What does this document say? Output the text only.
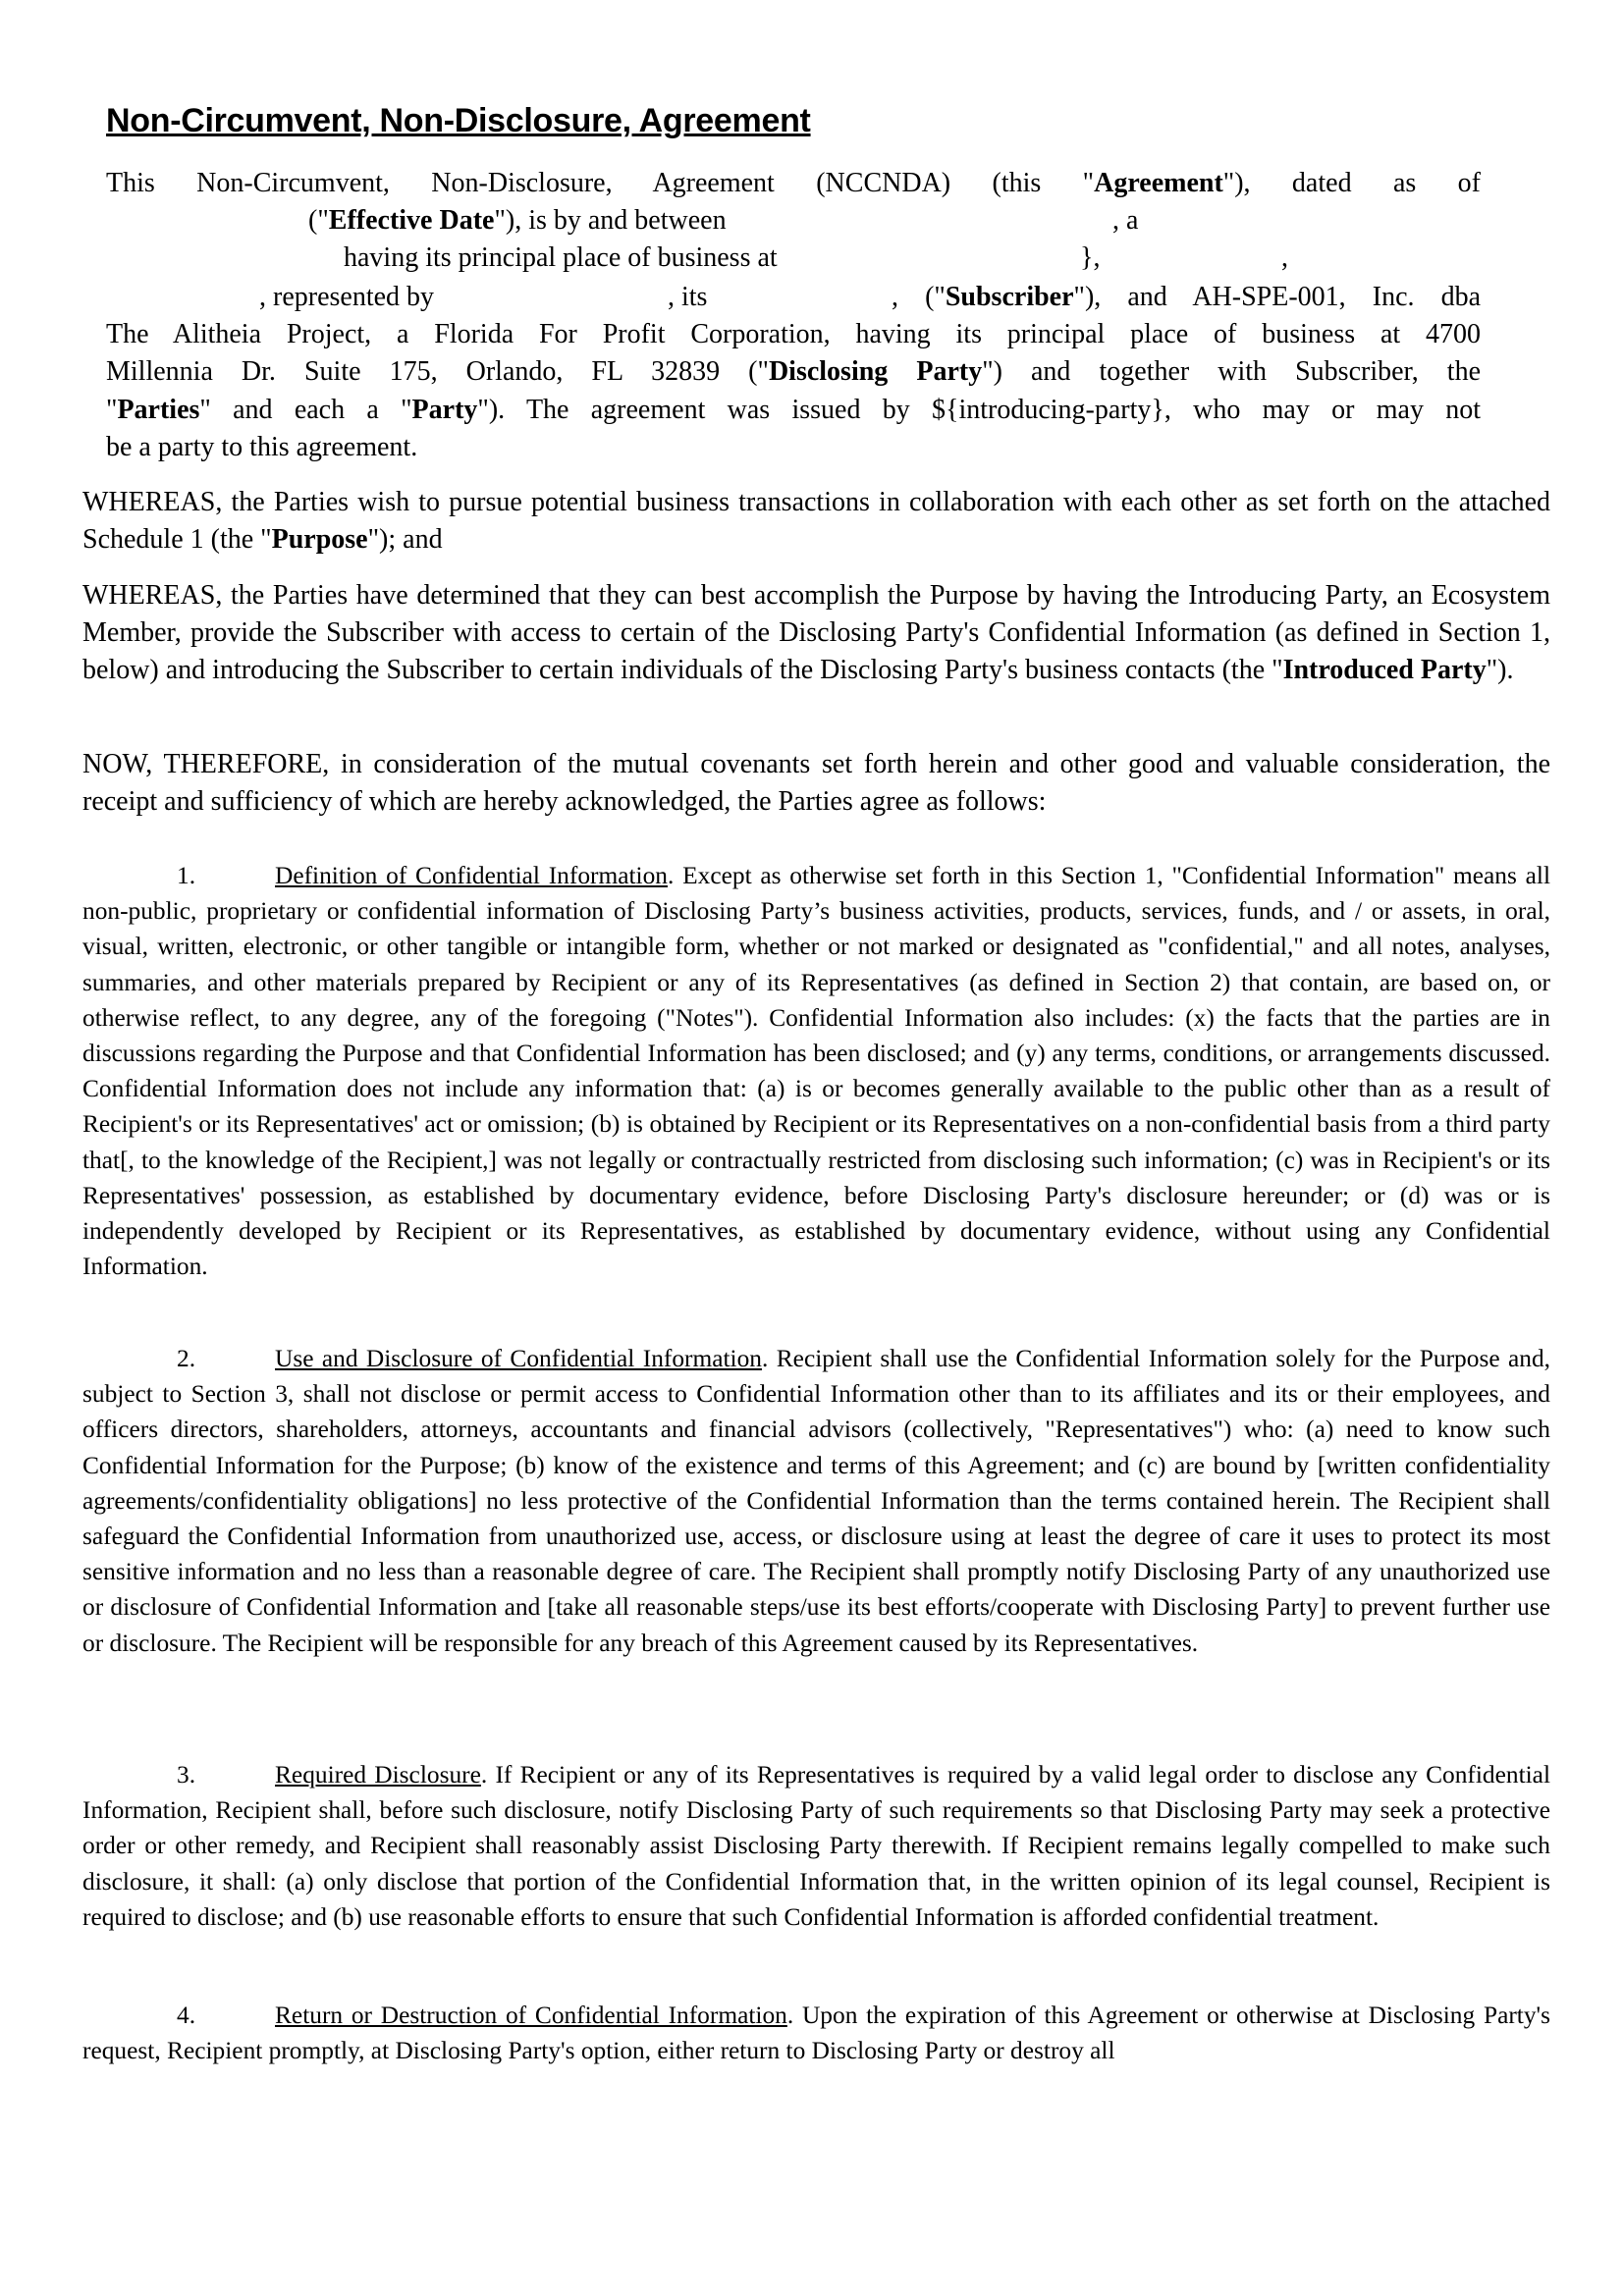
Non-Circumvent, Non-Disclosure, Agreement
This Non-Circumvent, Non-Disclosure, Agreement (NCCNDA) (this "Agreement"), dated as of
("Effective Date"), is by and between	, a
having its principal place of business at	},	,
, represented by	, its	, ("Subscriber"), and AH-SPE-001, Inc. dba
The Alitheia Project, a Florida For Profit Corporation, having its principal place of business at 4700
Millennia Dr. Suite 175, Orlando, FL 32839 ("Disclosing Party") and together with Subscriber, the
"Parties" and each a "Party"). The agreement was issued by ${introducing-party}, who may or may not
be a party to this agreement.

WHEREAS, the Parties wish to pursue potential business transactions in collaboration with each other as set forth on the attached Schedule 1 (the "Purpose"); and

WHEREAS, the Parties have determined that they can best accomplish the Purpose by having the Introducing Party, an Ecosystem Member, provide the Subscriber with access to certain of the Disclosing Party's Confidential Information (as defined in Section 1, below) and introducing the Subscriber to certain individuals of the Disclosing Party's business contacts (the "Introduced Party").

NOW, THEREFORE, in consideration of the mutual covenants set forth herein and other good and valuable consideration, the receipt and sufficiency of which are hereby acknowledged, the Parties agree as follows:

1.	Definition of Confidential Information. Except as otherwise set forth in this Section 1, "Confidential Information" means all non-public, proprietary or confidential information of Disclosing Party’s business activities, products, services, funds, and / or assets, in oral, visual, written, electronic, or other tangible or intangible form, whether or not marked or designated as "confidential," and all notes, analyses, summaries, and other materials prepared by Recipient or any of its Representatives (as defined in Section 2) that contain, are based on, or otherwise reflect, to any degree, any of the foregoing ("Notes"). Confidential Information also includes: (x) the facts that the parties are in discussions regarding the Purpose and that Confidential Information has been disclosed; and (y) any terms, conditions, or arrangements discussed. Confidential Information does not include any information that: (a) is or becomes generally available to the public other than as a result of Recipient's or its Representatives' act or omission; (b) is obtained by Recipient or its Representatives on a non-confidential basis from a third party that[, to the knowledge of the Recipient,] was not legally or contractually restricted from disclosing such information; (c) was in Recipient's or its Representatives' possession, as established by documentary evidence, before Disclosing Party's disclosure hereunder; or (d) was or is independently developed by Recipient or its Representatives, as established by documentary evidence, without using any Confidential Information.

2.	Use and Disclosure of Confidential Information. Recipient shall use the Confidential Information solely for the Purpose and, subject to Section 3, shall not disclose or permit access to Confidential Information other than to its affiliates and its or their employees, and officers directors, shareholders, attorneys, accountants and financial advisors (collectively, "Representatives") who: (a) need to know such Confidential Information for the Purpose; (b) know of the existence and terms of this Agreement; and (c) are bound by [written confidentiality agreements/confidentiality obligations] no less protective of the Confidential Information than the terms contained herein. The Recipient shall safeguard the Confidential Information from unauthorized use, access, or disclosure using at least the degree of care it uses to protect its most sensitive information and no less than a reasonable degree of care. The Recipient shall promptly notify Disclosing Party of any unauthorized use or disclosure of Confidential Information and [take all reasonable steps/use its best efforts/cooperate with Disclosing Party] to prevent further use or disclosure. The Recipient will be responsible for any breach of this Agreement caused by its Representatives.

3.	Required Disclosure. If Recipient or any of its Representatives is required by a valid legal order to disclose any Confidential Information, Recipient shall, before such disclosure, notify Disclosing Party of such requirements so that Disclosing Party may seek a protective order or other remedy, and Recipient shall reasonably assist Disclosing Party therewith. If Recipient remains legally compelled to make such disclosure, it shall: (a) only disclose that portion of the Confidential Information that, in the written opinion of its legal counsel, Recipient is required to disclose; and (b) use reasonable efforts to ensure that such Confidential Information is afforded confidential treatment.

4.	Return or Destruction of Confidential Information. Upon the expiration of this Agreement or otherwise at Disclosing Party's request, Recipient promptly, at Disclosing Party's option, either return to Disclosing Party or destroy all
